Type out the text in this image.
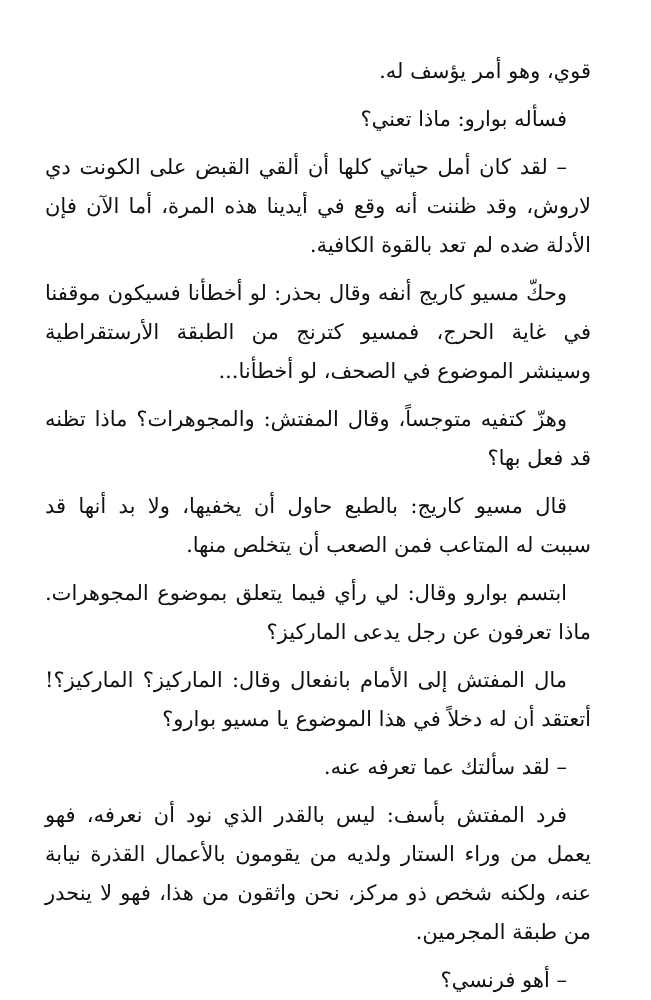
قوي، وهو أمر يؤسف له.

فسأله بوارو: ماذا تعني؟

– لقد كان أمل حياتي كلها أن ألقي القبض على الكونت دي لاروش، وقد ظننت أنه وقع في أيدينا هذه المرة، أما الآن فإن الأدلة ضده لم تعد بالقوة الكافية.

وحكّ مسيو كاريج أنفه وقال بحذر: لو أخطأنا فسيكون موقفنا في غاية الحرج، فمسيو كترنج من الطبقة الأرستقراطية وسينشر الموضوع في الصحف، لو أخطأنا...

وهزّ كتفيه متوجساً، وقال المفتش: والمجوهرات؟ ماذا تظنه قد فعل بها؟

قال مسيو كاريج: بالطبع حاول أن يخفيها، ولا بد أنها قد سببت له المتاعب فمن الصعب أن يتخلص منها.

ابتسم بوارو وقال: لي رأي فيما يتعلق بموضوع المجوهرات. ماذا تعرفون عن رجل يدعى الماركيز؟

مال المفتش إلى الأمام بانفعال وقال: الماركيز؟ الماركيز؟! أتعتقد أن له دخلاً في هذا الموضوع يا مسيو بوارو؟

– لقد سألتك عما تعرفه عنه.

فرد المفتش بأسف: ليس بالقدر الذي نود أن نعرفه، فهو يعمل من وراء الستار ولديه من يقومون بالأعمال القذرة نيابة عنه، ولكنه شخص ذو مركز، نحن واثقون من هذا، فهو لا ينحدر من طبقة المجرمين.

– أهو فرنسي؟
